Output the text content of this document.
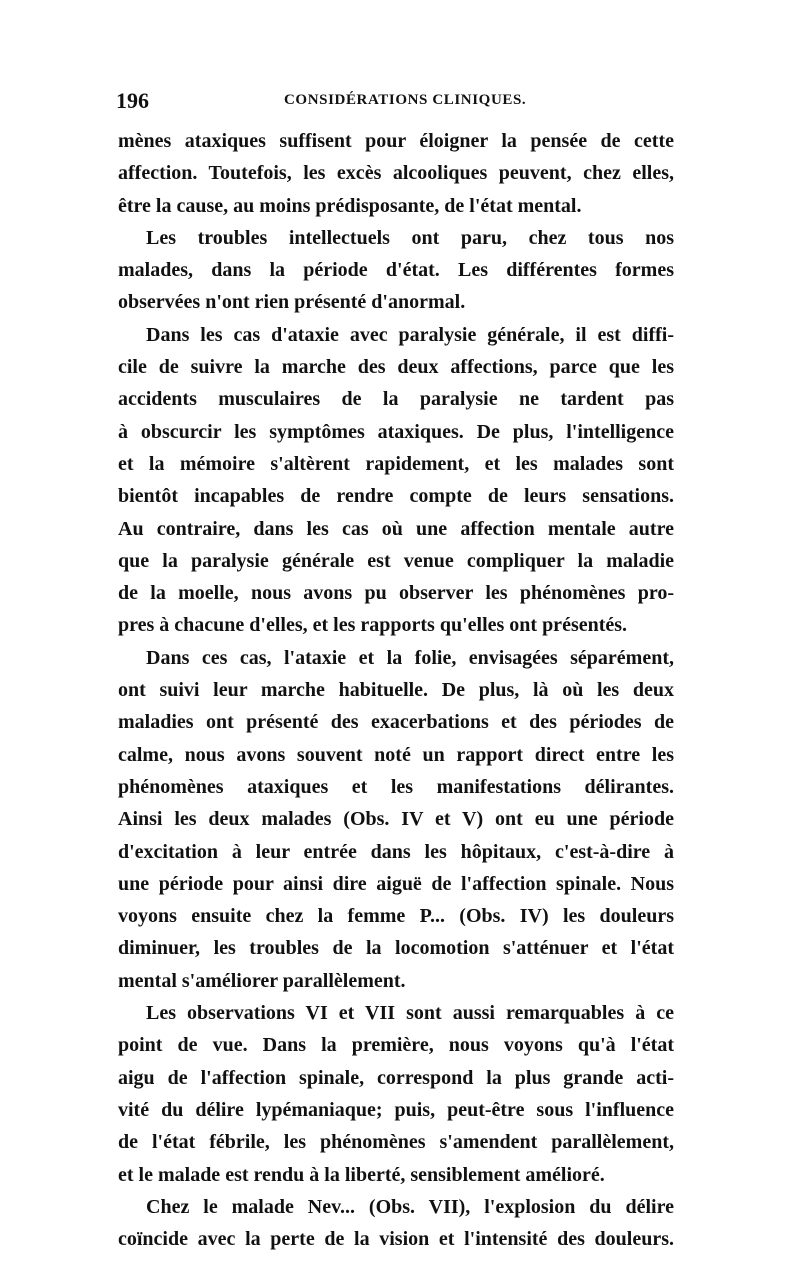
196	CONSIDÉRATIONS CLINIQUES.
mènes ataxiques suffisent pour éloigner la pensée de cette
affection. Toutefois, les excès alcooliques peuvent, chez elles,
être la cause, au moins prédisposante, de l'état mental.
Les troubles intellectuels ont paru, chez tous nos
malades, dans la période d'état. Les différentes formes
observées n'ont rien présenté d'anormal.
Dans les cas d'ataxie avec paralysie générale, il est diffi-
cile de suivre la marche des deux affections, parce que les
accidents musculaires de la paralysie ne tardent pas
à obscurcir les symptômes ataxiques. De plus, l'intelligence
et la mémoire s'altèrent rapidement, et les malades sont
bientôt incapables de rendre compte de leurs sensations.
Au contraire, dans les cas où une affection mentale autre
que la paralysie générale est venue compliquer la maladie
de la moelle, nous avons pu observer les phénomènes pro-
pres à chacune d'elles, et les rapports qu'elles ont présentés.
Dans ces cas, l'ataxie et la folie, envisagées séparément,
ont suivi leur marche habituelle. De plus, là où les deux
maladies ont présenté des exacerbations et des périodes de
calme, nous avons souvent noté un rapport direct entre les
phénomènes ataxiques et les manifestations délirantes.
Ainsi les deux malades (Obs. IV et V) ont eu une période
d'excitation à leur entrée dans les hôpitaux, c'est-à-dire à
une période pour ainsi dire aiguë de l'affection spinale. Nous
voyons ensuite chez la femme P... (Obs. IV) les douleurs
diminuer, les troubles de la locomotion s'atténuer et l'état
mental s'améliorer parallèlement.
Les observations VI et VII sont aussi remarquables à ce
point de vue. Dans la première, nous voyons qu'à l'état
aigu de l'affection spinale, correspond la plus grande acti-
vité du délire lypémaniaque; puis, peut-être sous l'influence
de l'état fébrile, les phénomènes s'amendent parallèlement,
et le malade est rendu à la liberté, sensiblement amélioré.
Chez le malade Nev... (Obs. VII), l'explosion du délire
coïncide avec la perte de la vision et l'intensité des douleurs.
